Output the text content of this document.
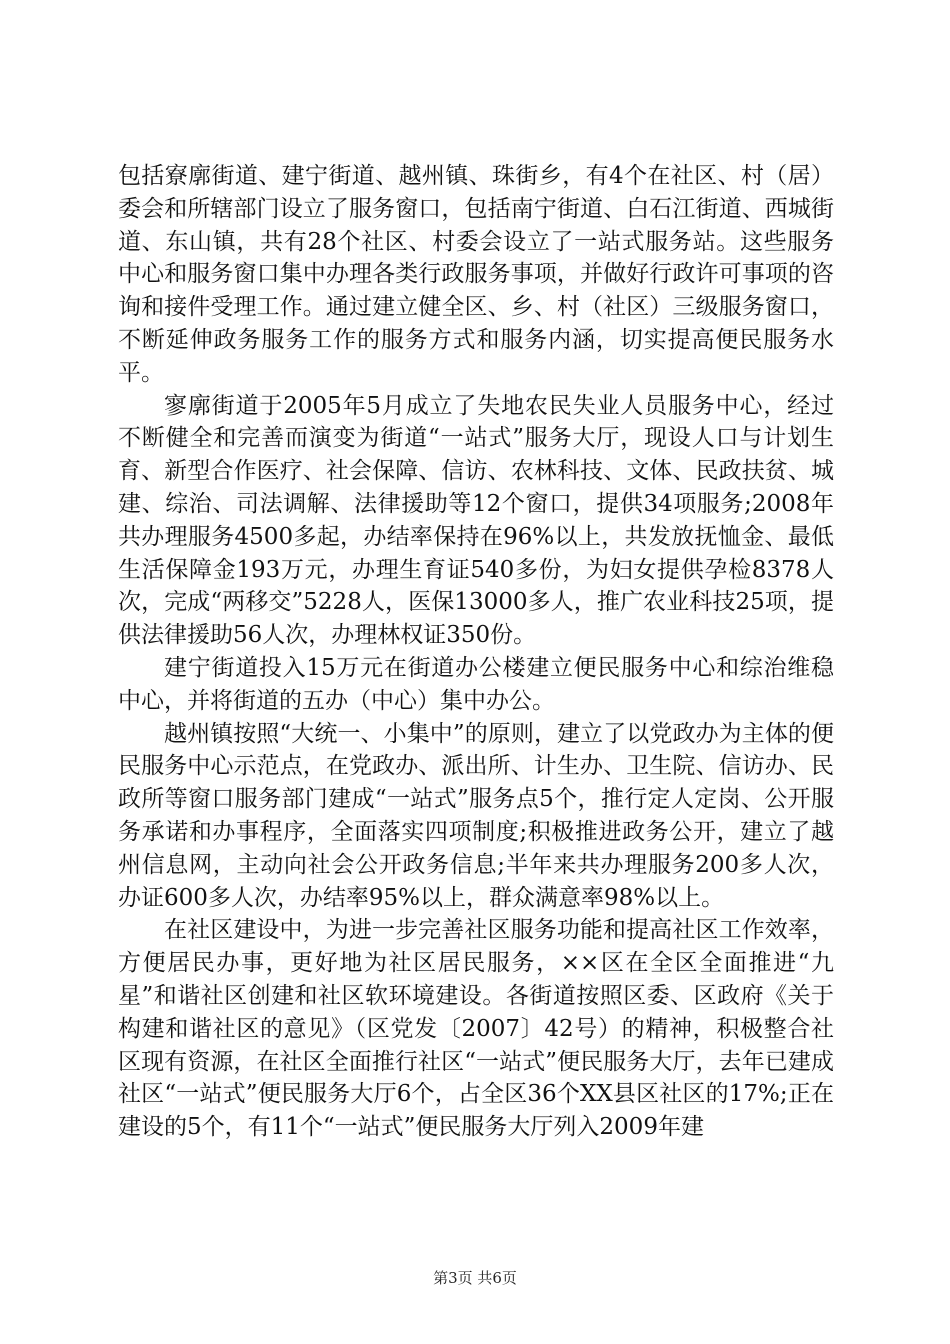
包括寮廓街道、建宁街道、越州镇、珠街乡，有4个在社区、村（居）委会和所辖部门设立了服务窗口，包括南宁街道、白石江街道、西城街道、东山镇，共有28个社区、村委会设立了一站式服务站。这些服务中心和服务窗口集中办理各类行政服务事项，并做好行政许可事项的咨询和接件受理工作。通过建立健全区、乡、村（社区）三级服务窗口，不断延伸政务服务工作的服务方式和服务内涵，切实提高便民服务水平。

寥廓街道于2005年5月成立了失地农民失业人员服务中心，经过不断健全和完善而演变为街道“一站式”服务大厅，现设人口与计划生育、新型合作医疗、社会保障、信访、农林科技、文体、民政扶贫、城建、综治、司法调解、法律援助等12个窗口，提供34项服务;2008年共办理服务4500多起，办结率保持在96%以上，共发放抚恤金、最低生活保障金193万元，办理生育证540多份，为妇女提供孕检8378人次，完成“两移交”5228人，医保13000多人，推广农业科技25项，提供法律援助56人次，办理林权证350份。

建宁街道投入15万元在街道办公楼建立便民服务中心和综治维稳中心，并将街道的五办（中心）集中办公。

越州镇按照“大统一、小集中”的原则，建立了以党政办为主体的便民服务中心示范点，在党政办、派出所、计生办、卫生院、信访办、民政所等窗口服务部门建成“一站式”服务点5个，推行定人定岗、公开服务承诺和办事程序，全面落实四项制度;积极推进政务公开，建立了越州信息网，主动向社会公开政务信息;半年来共办理服务200多人次，办证600多人次，办结率95%以上，群众满意率98%以上。

在社区建设中，为进一步完善社区服务功能和提高社区工作效率，方便居民办事，更好地为社区居民服务，××区在全区全面推进“九星”和谐社区创建和社区软环境建设。各街道按照区委、区政府《关于构建和谐社区的意见》（区党发〔2007〕42号）的精神，积极整合社区现有资源，在社区全面推行社区“一站式”便民服务大厅，去年已建成社区“一站式”便民服务大厅6个，占全区36个XX县区社区的17%;正在建设的5个，有11个“一站式”便民服务大厅列入2009年建

第3页 共6页
